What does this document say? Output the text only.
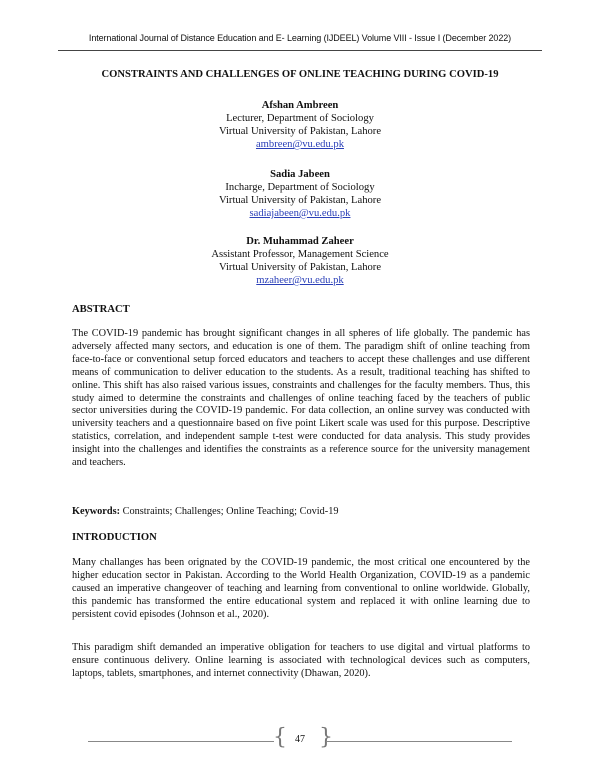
International Journal of Distance Education and E- Learning (IJDEEL) Volume VIII - Issue I (December 2022)
CONSTRAINTS AND CHALLENGES OF ONLINE TEACHING DURING COVID-19
Afshan Ambreen
Lecturer, Department of Sociology
Virtual University of Pakistan, Lahore
ambreen@vu.edu.pk
Sadia Jabeen
Incharge, Department of Sociology
Virtual University of Pakistan, Lahore
sadiajabeen@vu.edu.pk
Dr. Muhammad Zaheer
Assistant Professor, Management Science
Virtual University of Pakistan, Lahore
mzaheer@vu.edu.pk
ABSTRACT

The COVID-19 pandemic has brought significant changes in all spheres of life globally. The pandemic has adversely affected many sectors, and education is one of them. The paradigm shift of online teaching from face-to-face or conventional setup forced educators and teachers to accept these challenges and use different means of communication to deliver education to the students. As a result, traditional teaching has shifted to online. This shift has also raised various issues, constraints and challenges for the faculty members. Thus, this study aimed to determine the constraints and challenges of online teaching faced by the teachers of public sector universities during the COVID-19 pandemic. For data collection, an online survey was conducted with university teachers and a questionnaire based on five point Likert scale was used for this purpose. Descriptive statistics, correlation, and independent sample t-test were conducted for data analysis. This study provides insight into the challenges and identifies the constraints as a reference source for the university management and teachers.

Keywords: Constraints; Challenges; Online Teaching; Covid-19

INTRODUCTION

Many challanges has been orignated by the COVID-19 pandemic, the most critical one encountered by the higher education sector in Pakistan. According to the World Health Organization, COVID-19 as a pandemic caused an imperative changeover of teaching and learning from conventional to online worldwide. Globally, this pandemic has transformed the entire educational system and replaced it with online learning due to persistent covid episodes (Johnson et al., 2020).

This paradigm shift demanded an imperative obligation for teachers to use digital and virtual platforms to ensure continuous delivery. Online learning is associated with technological devices such as computers, laptops, tablets, smartphones, and internet connectivity (Dhawan, 2020).

{ 47 }
